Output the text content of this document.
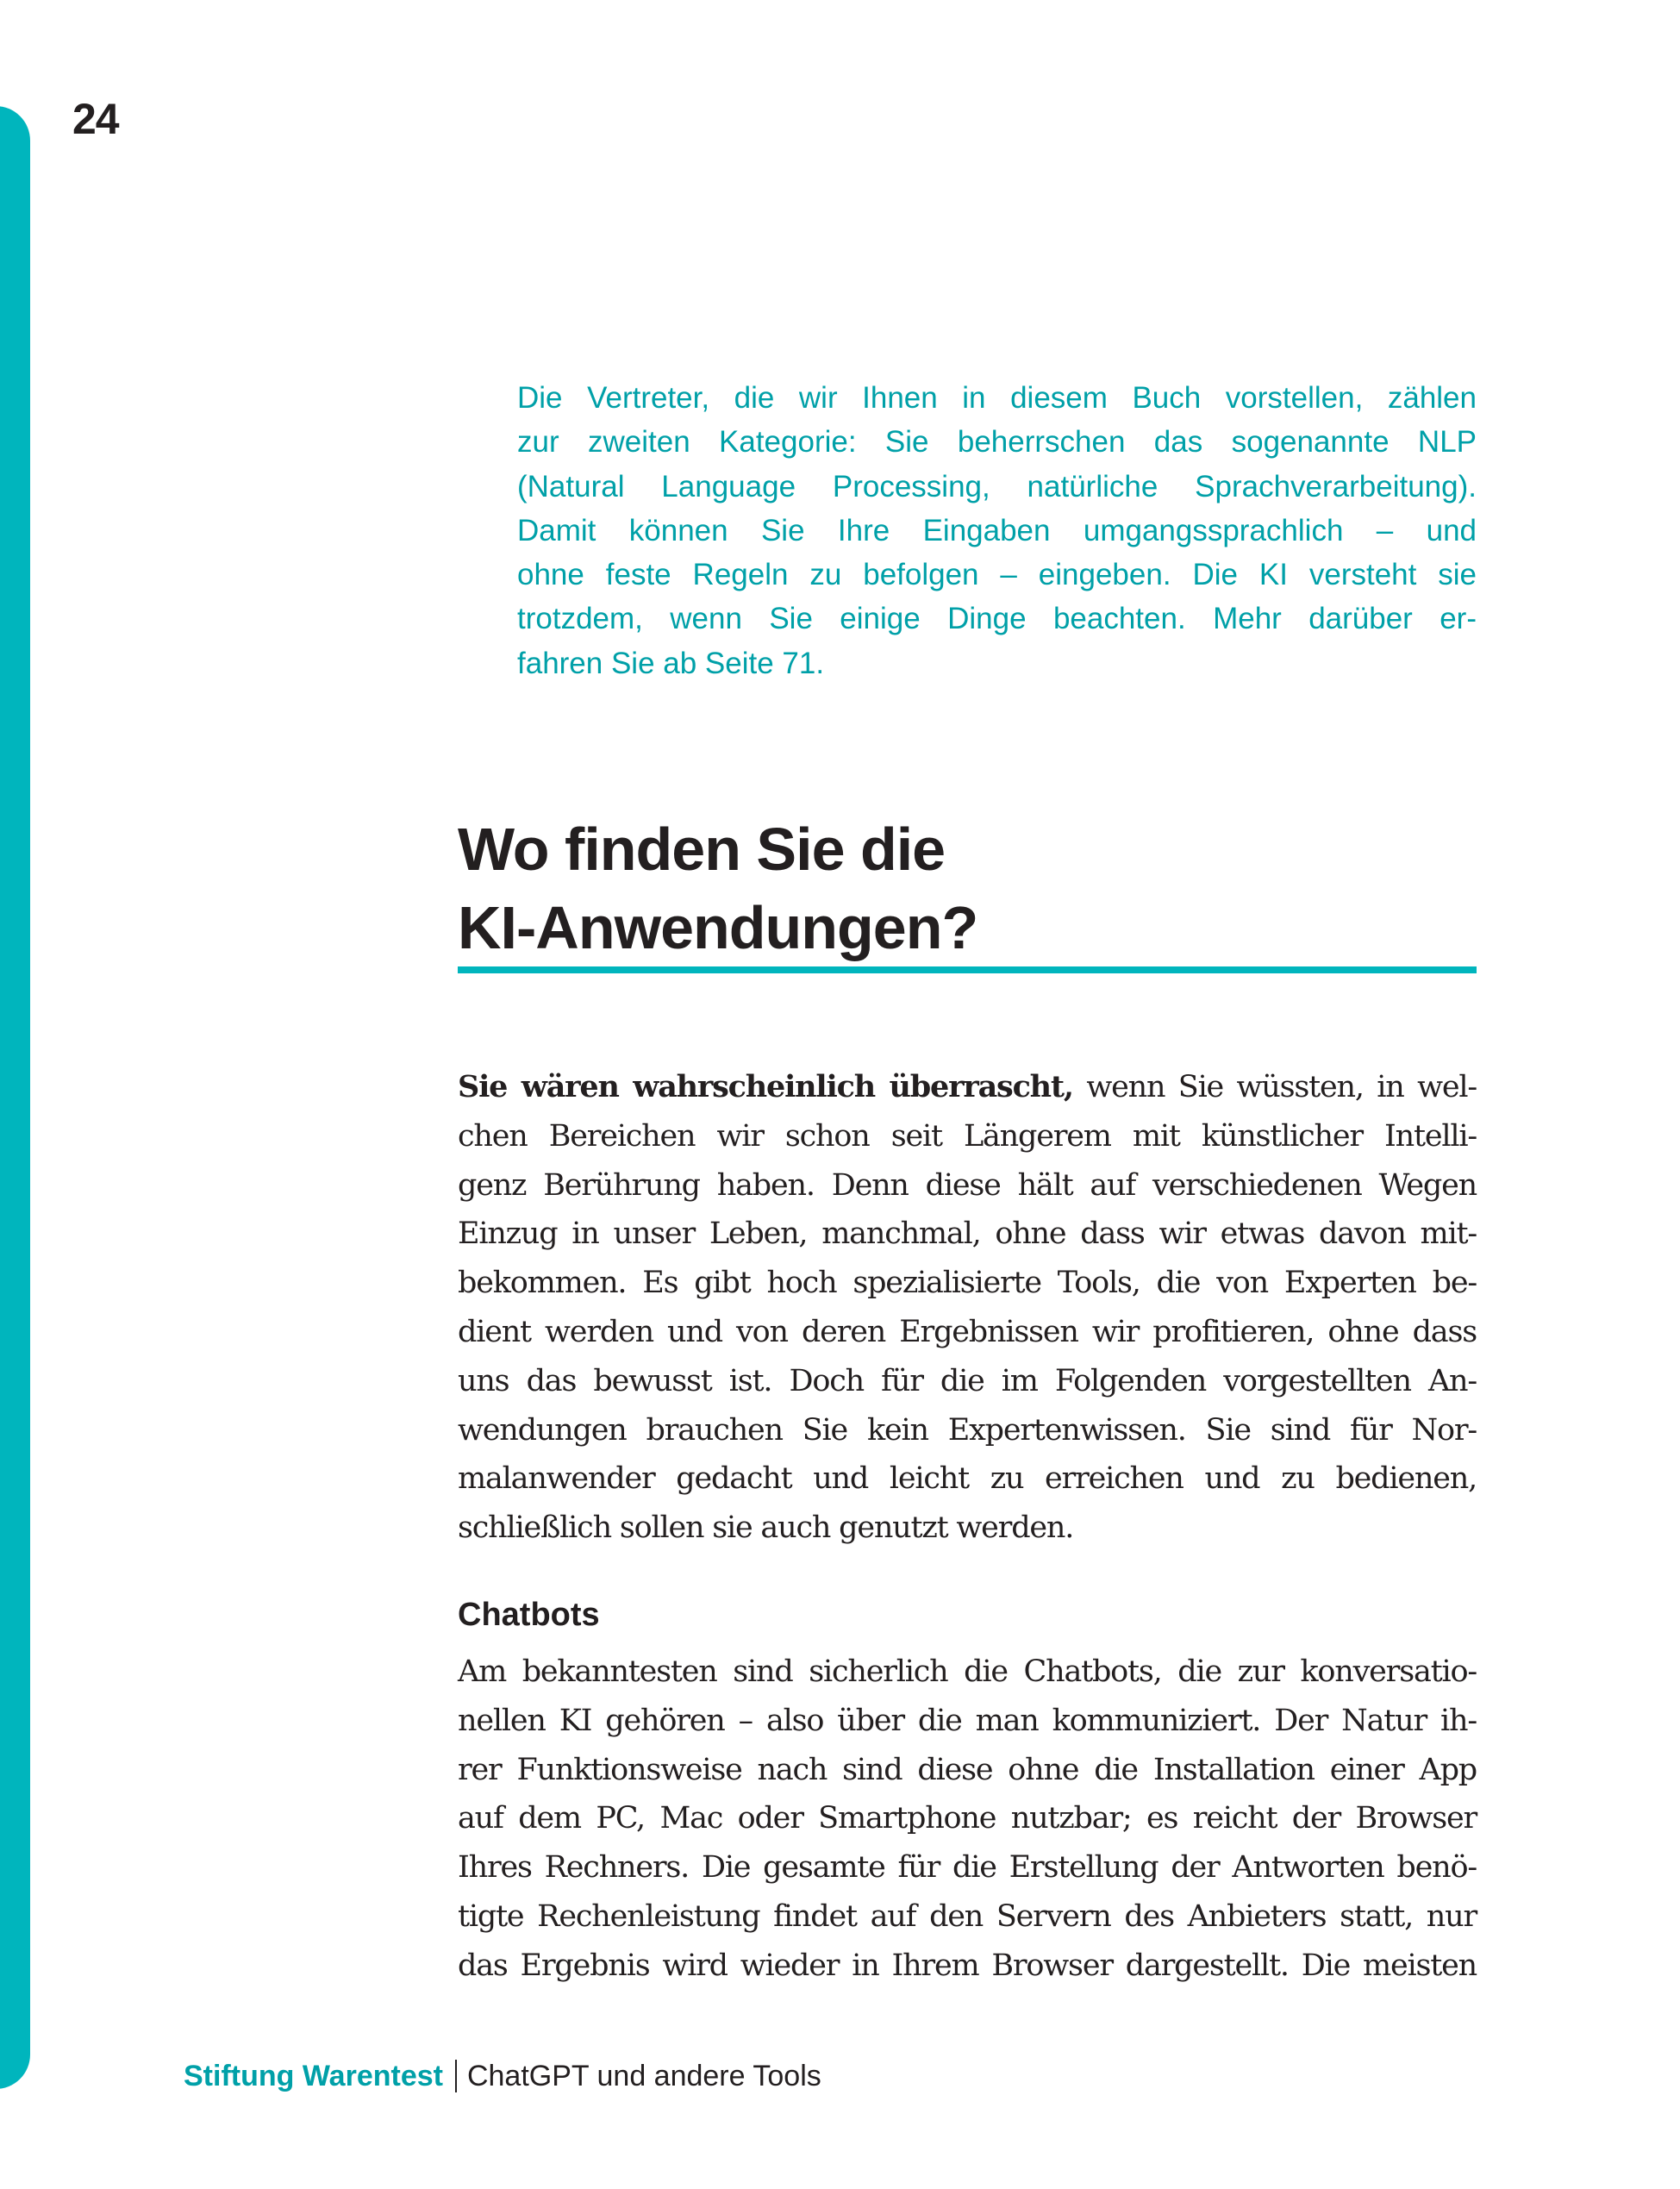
24
Die Vertreter, die wir Ihnen in diesem Buch vorstellen, zählen
zur zweiten Kategorie: Sie beherrschen das sogenannte NLP
(Natural Language Processing, natürliche Sprachverarbeitung).
Damit können Sie Ihre Eingaben umgangssprachlich – und
ohne feste Regeln zu befolgen – eingeben. Die KI versteht sie
trotzdem, wenn Sie einige Dinge beachten. Mehr darüber er-
fahren Sie ab Seite 71.
Wo finden Sie die
KI-Anwendungen?
Sie wären wahrscheinlich überrascht, wenn Sie wüssten, in wel-
chen Bereichen wir schon seit Längerem mit künstlicher Intelli-
genz Berührung haben. Denn diese hält auf verschiedenen Wegen
Einzug in unser Leben, manchmal, ohne dass wir etwas davon mit-
bekommen. Es gibt hoch spezialisierte Tools, die von Experten be-
dient werden und von deren Ergebnissen wir profitieren, ohne dass
uns das bewusst ist. Doch für die im Folgenden vorgestellten An-
wendungen brauchen Sie kein Expertenwissen. Sie sind für Nor-
malanwender gedacht und leicht zu erreichen und zu bedienen,
schließlich sollen sie auch genutzt werden.
Chatbots
Am bekanntesten sind sicherlich die Chatbots, die zur konversatio-
nellen KI gehören – also über die man kommuniziert. Der Natur ih-
rer Funktionsweise nach sind diese ohne die Installation einer App
auf dem PC, Mac oder Smartphone nutzbar; es reicht der Browser
Ihres Rechners. Die gesamte für die Erstellung der Antworten benö-
tigte Rechenleistung findet auf den Servern des Anbieters statt, nur
das Ergebnis wird wieder in Ihrem Browser dargestellt. Die meisten
Stiftung Warentest ChatGPT und andere Tools
